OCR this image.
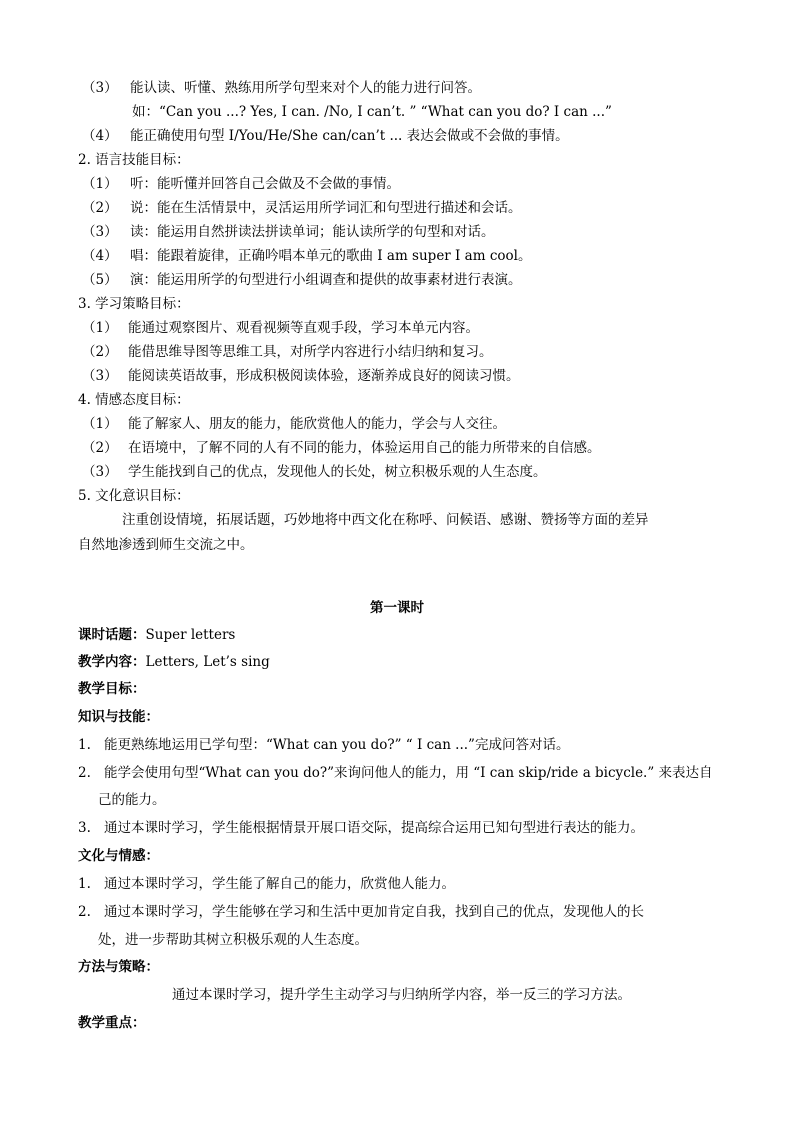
（3） 能认读、听懂、熟练用所学句型来对个人的能力进行问答。
如：“Can you ...? Yes, I can. /No, I can’t. ” “What can you do? I can ...”
（4） 能正确使用句型 I/You/He/She can/can’t ... 表达会做或不会做的事情。
2. 语言技能目标：
（1） 听：能听懂并回答自己会做及不会做的事情。
（2） 说：能在生活情景中，灵活运用所学词汇和句型进行描述和会话。
（3） 读：能运用自然拼读法拼读单词；能认读所学的句型和对话。
（4） 唱：能跟着旋律，正确吟唱本单元的歌曲 I am super I am cool。
（5） 演：能运用所学的句型进行小组调查和提供的故事素材进行表演。
3. 学习策略目标：
（1） 能通过观察图片、观看视频等直观手段，学习本单元内容。
（2） 能借思维导图等思维工具，对所学内容进行小结归纳和复习。
（3） 能阅读英语故事，形成积极阅读体验，逐渐养成良好的阅读习惯。
4. 情感态度目标：
（1） 能了解家人、朋友的能力，能欣赏他人的能力，学会与人交往。
（2） 在语境中，了解不同的人有不同的能力，体验运用自己的能力所带来的自信感。
（3） 学生能找到自己的优点，发现他人的长处，树立积极乐观的人生态度。
5. 文化意识目标：
注重创设情境，拓展话题，巧妙地将中西文化在称呼、问候语、感谢、赞扬等方面的差异
自然地渗透到师生交流之中。
第一课时
课时话题：Super letters
教学内容：Letters, Let’s sing
教学目标：
知识与技能：
1. 能更熟练地运用已学句型：“What can you do?” “ I can ...”完成问答对话。
2. 能学会使用句型“What can you do?”来询问他人的能力，用 “I can skip/ride a bicycle.” 来表达自
己的能力。
3. 通过本课时学习，学生能根据情景开展口语交际，提高综合运用已知句型进行表达的能力。
文化与情感：
1. 通过本课时学习，学生能了解自己的能力，欣赏他人能力。
2. 通过本课时学习，学生能够在学习和生活中更加肯定自我，找到自己的优点，发现他人的长
处，进一步帮助其树立积极乐观的人生态度。
方法与策略：
通过本课时学习，提升学生主动学习与归纳所学内容，举一反三的学习方法。
教学重点：
